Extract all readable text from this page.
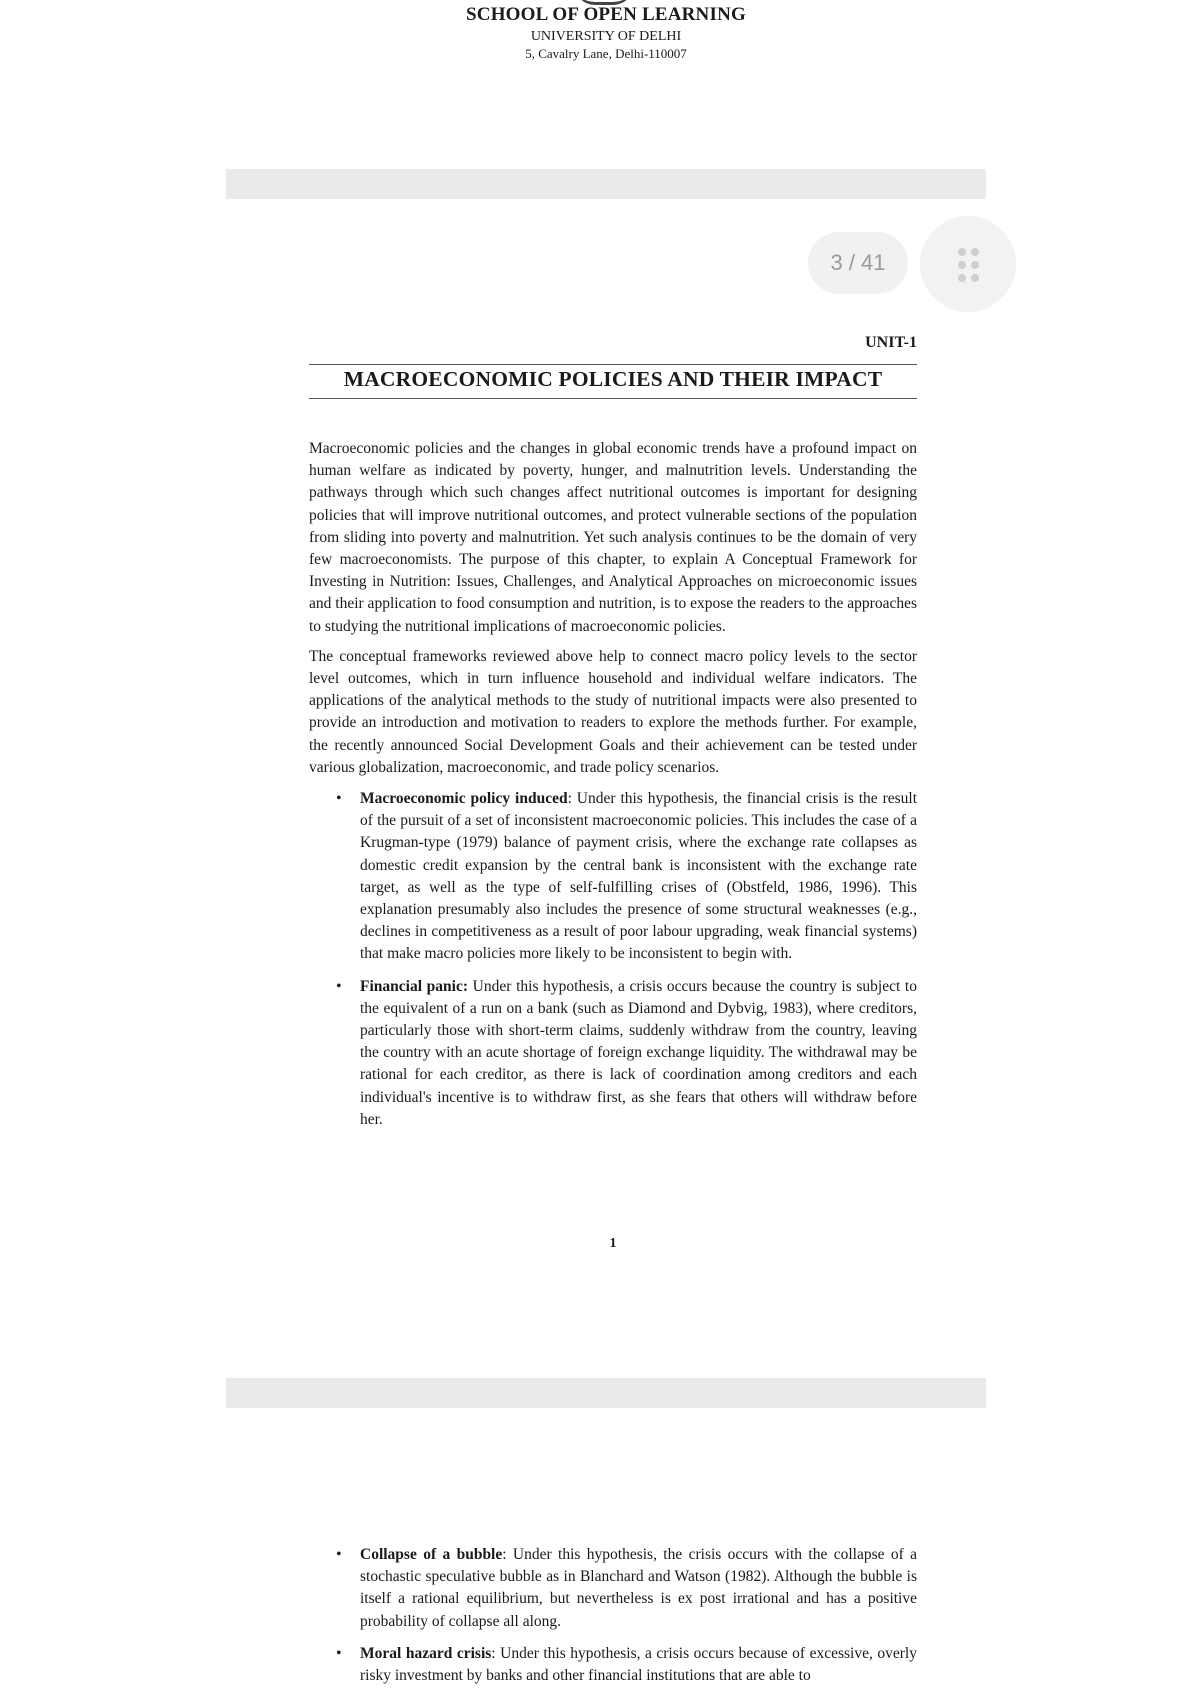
SCHOOL OF OPEN LEARNING
UNIVERSITY OF DELHI
5, Cavalry Lane, Delhi-110007
3 / 41
UNIT-1
MACROECONOMIC POLICIES AND THEIR IMPACT

Macroeconomic policies and the changes in global economic trends have a profound impact on human welfare as indicated by poverty, hunger, and malnutrition levels. Understanding the pathways through which such changes affect nutritional outcomes is important for designing policies that will improve nutritional outcomes, and protect vulnerable sections of the population from sliding into poverty and malnutrition. Yet such analysis continues to be the domain of very few macroeconomists. The purpose of this chapter, to explain A Conceptual Framework for Investing in Nutrition: Issues, Challenges, and Analytical Approaches on microeconomic issues and their application to food consumption and nutrition, is to expose the readers to the approaches to studying the nutritional implications of macroeconomic policies.

The conceptual frameworks reviewed above help to connect macro policy levels to the sector level outcomes, which in turn influence household and individual welfare indicators. The applications of the analytical methods to the study of nutritional impacts were also presented to provide an introduction and motivation to readers to explore the methods further. For example, the recently announced Social Development Goals and their achievement can be tested under various globalization, macroeconomic, and trade policy scenarios.

• Macroeconomic policy induced: Under this hypothesis, the financial crisis is the result of the pursuit of a set of inconsistent macroeconomic policies. This includes the case of a Krugman-type (1979) balance of payment crisis, where the exchange rate collapses as domestic credit expansion by the central bank is inconsistent with the exchange rate target, as well as the type of self-fulfilling crises of (Obstfeld, 1986, 1996). This explanation presumably also includes the presence of some structural weaknesses (e.g., declines in competitiveness as a result of poor labour upgrading, weak financial systems) that make macro policies more likely to be inconsistent to begin with.
• Financial panic: Under this hypothesis, a crisis occurs because the country is subject to the equivalent of a run on a bank (such as Diamond and Dybvig, 1983), where creditors, particularly those with short-term claims, suddenly withdraw from the country, leaving the country with an acute shortage of foreign exchange liquidity. The withdrawal may be rational for each creditor, as there is lack of coordination among creditors and each individual's incentive is to withdraw first, as she fears that others will withdraw before her.
1
• Collapse of a bubble: Under this hypothesis, the crisis occurs with the collapse of a stochastic speculative bubble as in Blanchard and Watson (1982). Although the bubble is itself a rational equilibrium, but nevertheless is ex post irrational and has a positive probability of collapse all along.
• Moral hazard crisis: Under this hypothesis, a crisis occurs because of excessive, overly risky investment by banks and other financial institutions that are able to
